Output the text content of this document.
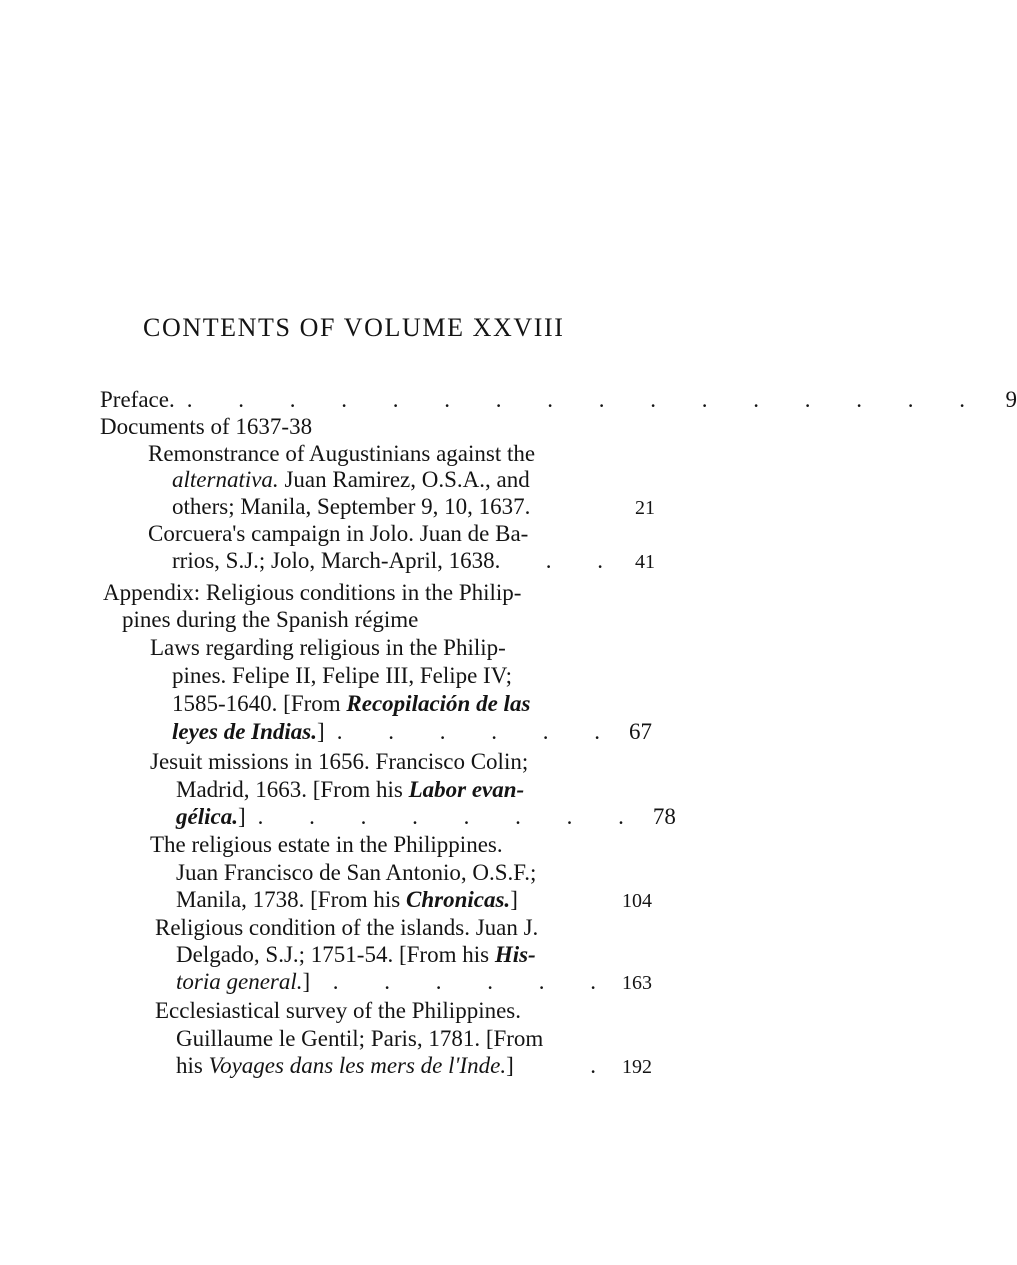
CONTENTS OF VOLUME XXVIII
Preface. . . . . . . . . . . . . . . . . 9
Documents of 1637-38
Remonstrance of Augustinians against the
alternativa. Juan Ramirez, O.S.A., and
others; Manila, September 9, 10, 1637.	21
Corcuera's campaign in Jolo. Juan de Ba-
rrios, S.J.; Jolo, March-April, 1638.	. . 41
Appendix: Religious conditions in the Philip-
pines during the Spanish régime
Laws regarding religious in the Philip-
pines. Felipe II, Felipe III, Felipe IV;
1585-1640. [From Recopilación de las
leyes de Indias.] . . . . . . 67
Jesuit missions in 1656. Francisco Colin;
Madrid, 1663. [From his Labor evan-
gélica.] . . . . . . . . 78
The religious estate in the Philippines.
Juan Francisco de San Antonio, O.S.F.;
Manila, 1738. [From his Chronicas.]	104
Religious condition of the islands. Juan J.
Delgado, S.J.; 1751-54. [From his His-
toria general.] . . . . . . 163
Ecclesiastical survey of the Philippines.
Guillaume le Gentil; Paris, 1781. [From
his Voyages dans les mers de l'Inde.]	. 192
